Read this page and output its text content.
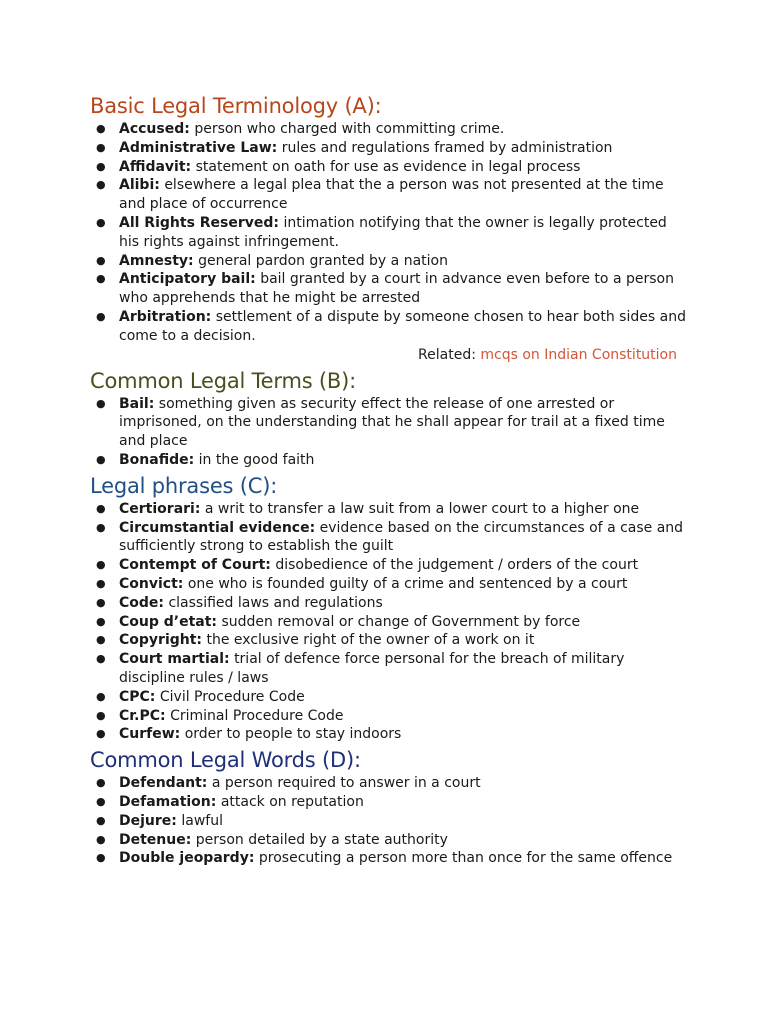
Basic Legal Terminology (A):
● Accused: person who charged with committing crime.
● Administrative Law: rules and regulations framed by administration
● Affidavit: statement on oath for use as evidence in legal process
● Alibi: elsewhere a legal plea that the a person was not presented at the time and place of occurrence
● All Rights Reserved: intimation notifying that the owner is legally protected his rights against infringement.
● Amnesty: general pardon granted by a nation
● Anticipatory bail: bail granted by a court in advance even before to a person who apprehends that he might be arrested
● Arbitration: settlement of a dispute by someone chosen to hear both sides and come to a decision.
Related: mcqs on Indian Constitution
Common Legal Terms (B):
● Bail: something given as security effect the release of one arrested or imprisoned, on the understanding that he shall appear for trail at a fixed time and place
● Bonafide: in the good faith
Legal phrases (C):
● Certiorari: a writ to transfer a law suit from a lower court to a higher one
● Circumstantial evidence: evidence based on the circumstances of a case and sufficiently strong to establish the guilt
● Contempt of Court: disobedience of the judgement / orders of the court
● Convict: one who is founded guilty of a crime and sentenced by a court
● Code: classified laws and regulations
● Coup d’etat: sudden removal or change of Government by force
● Copyright: the exclusive right of the owner of a work on it
● Court martial: trial of defence force personal for the breach of military discipline rules / laws
● CPC: Civil Procedure Code
● Cr.PC: Criminal Procedure Code
● Curfew: order to people to stay indoors
Common Legal Words (D):
● Defendant: a person required to answer in a court
● Defamation: attack on reputation
● Dejure: lawful
● Detenue: person detailed by a state authority
● Double jeopardy: prosecuting a person more than once for the same offence
